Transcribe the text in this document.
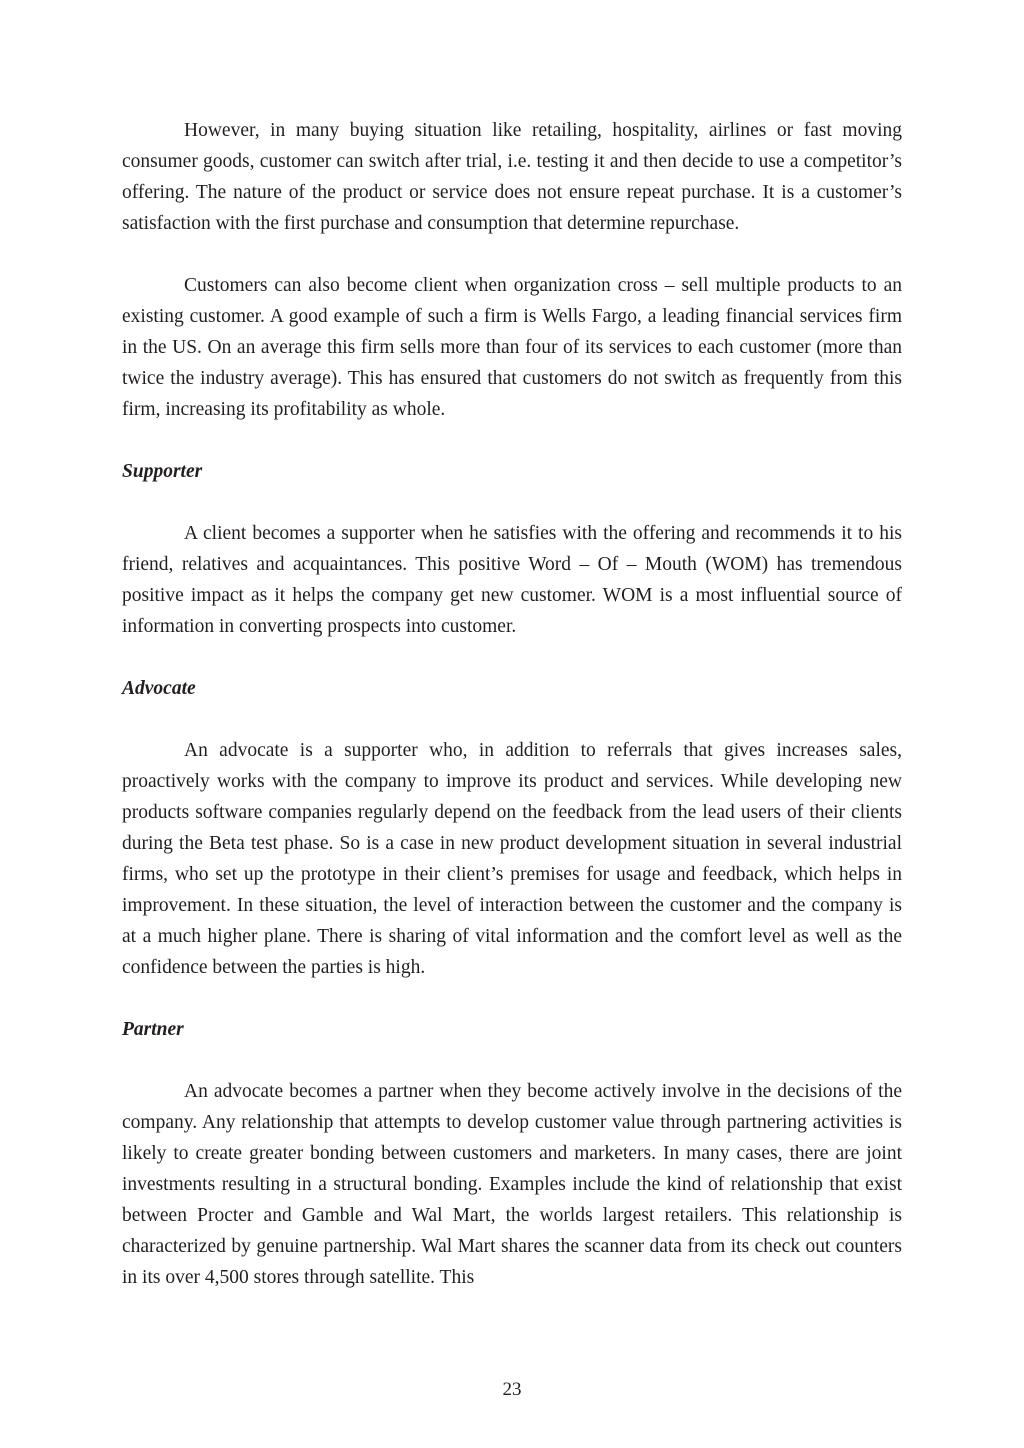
However, in many buying situation like retailing, hospitality, airlines or fast moving consumer goods, customer can switch after trial, i.e. testing it and then decide to use a competitor’s offering. The nature of the product or service does not ensure repeat purchase. It is a customer’s satisfaction with the first purchase and consumption that determine repurchase.

Customers can also become client when organization cross – sell multiple products to an existing customer. A good example of such a firm is Wells Fargo, a leading financial services firm in the US. On an average this firm sells more than four of its services to each customer (more than twice the industry average). This has ensured that customers do not switch as frequently from this firm, increasing its profitability as whole.

Supporter

A client becomes a supporter when he satisfies with the offering and recommends it to his friend, relatives and acquaintances. This positive Word – Of – Mouth (WOM) has tremendous positive impact as it helps the company get new customer. WOM is a most influential source of information in converting prospects into customer.

Advocate

An advocate is a supporter who, in addition to referrals that gives increases sales, proactively works with the company to improve its product and services. While developing new products software companies regularly depend on the feedback from the lead users of their clients during the Beta test phase. So is a case in new product development situation in several industrial firms, who set up the prototype in their client’s premises for usage and feedback, which helps in improvement. In these situation, the level of interaction between the customer and the company is at a much higher plane. There is sharing of vital information and the comfort level as well as the confidence between the parties is high.

Partner

An advocate becomes a partner when they become actively involve in the decisions of the company. Any relationship that attempts to develop customer value through partnering activities is likely to create greater bonding between customers and marketers. In many cases, there are joint investments resulting in a structural bonding. Examples include the kind of relationship that exist between Procter and Gamble and Wal Mart, the worlds largest retailers. This relationship is characterized by genuine partnership. Wal Mart shares the scanner data from its check out counters in its over 4,500 stores through satellite. This

23
